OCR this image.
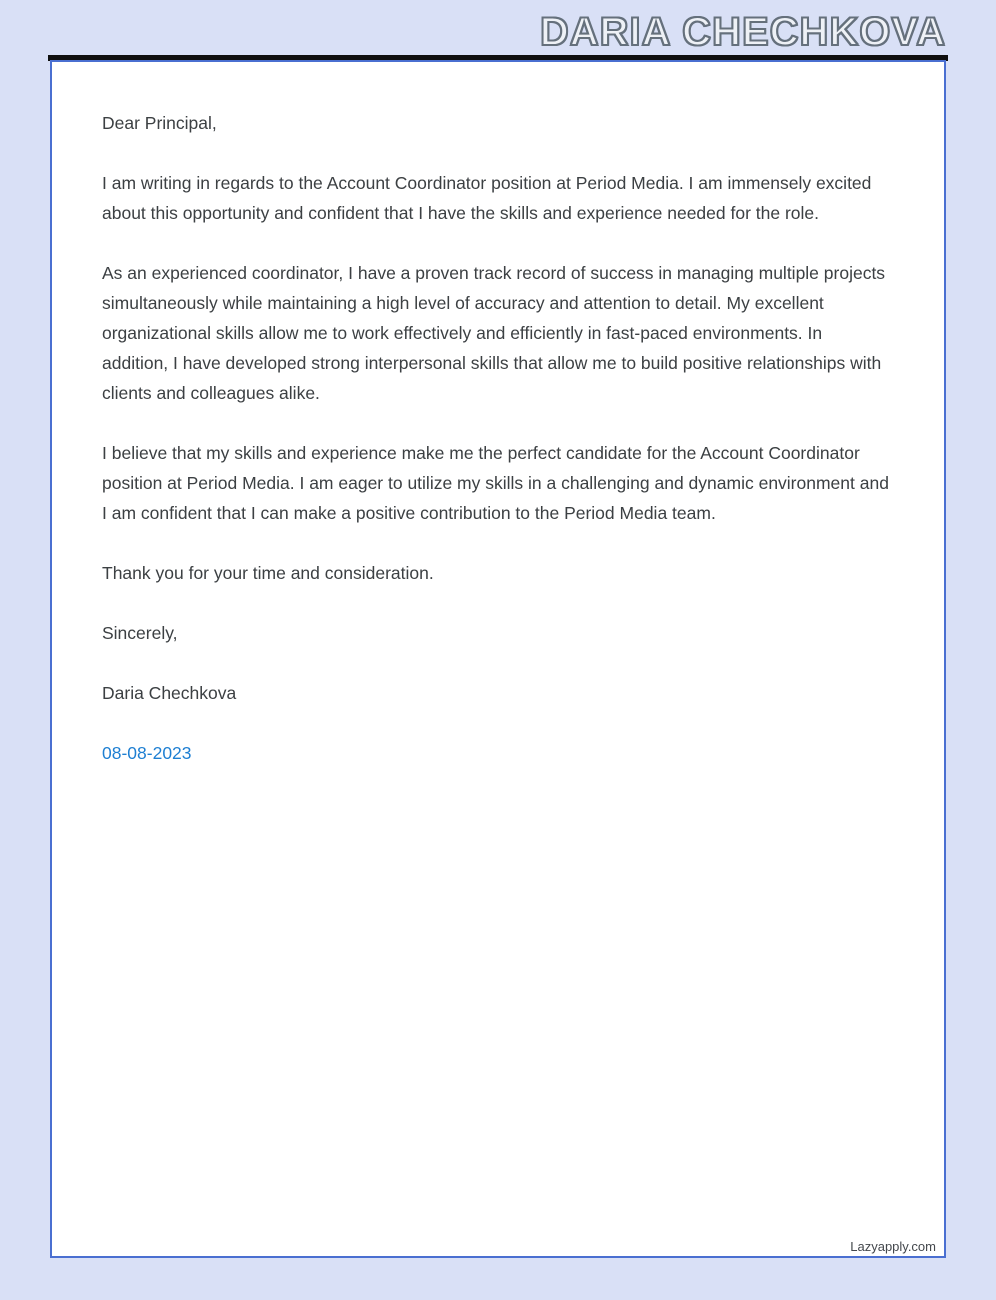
DARIA CHECHKOVA

Dear Principal,

I am writing in regards to the Account Coordinator position at Period Media. I am immensely excited about this opportunity and confident that I have the skills and experience needed for the role.

As an experienced coordinator, I have a proven track record of success in managing multiple projects simultaneously while maintaining a high level of accuracy and attention to detail. My excellent organizational skills allow me to work effectively and efficiently in fast-paced environments. In addition, I have developed strong interpersonal skills that allow me to build positive relationships with clients and colleagues alike.

I believe that my skills and experience make me the perfect candidate for the Account Coordinator position at Period Media. I am eager to utilize my skills in a challenging and dynamic environment and I am confident that I can make a positive contribution to the Period Media team.

Thank you for your time and consideration.

Sincerely,

Daria Chechkova

08-08-2023

Lazyapply.com
